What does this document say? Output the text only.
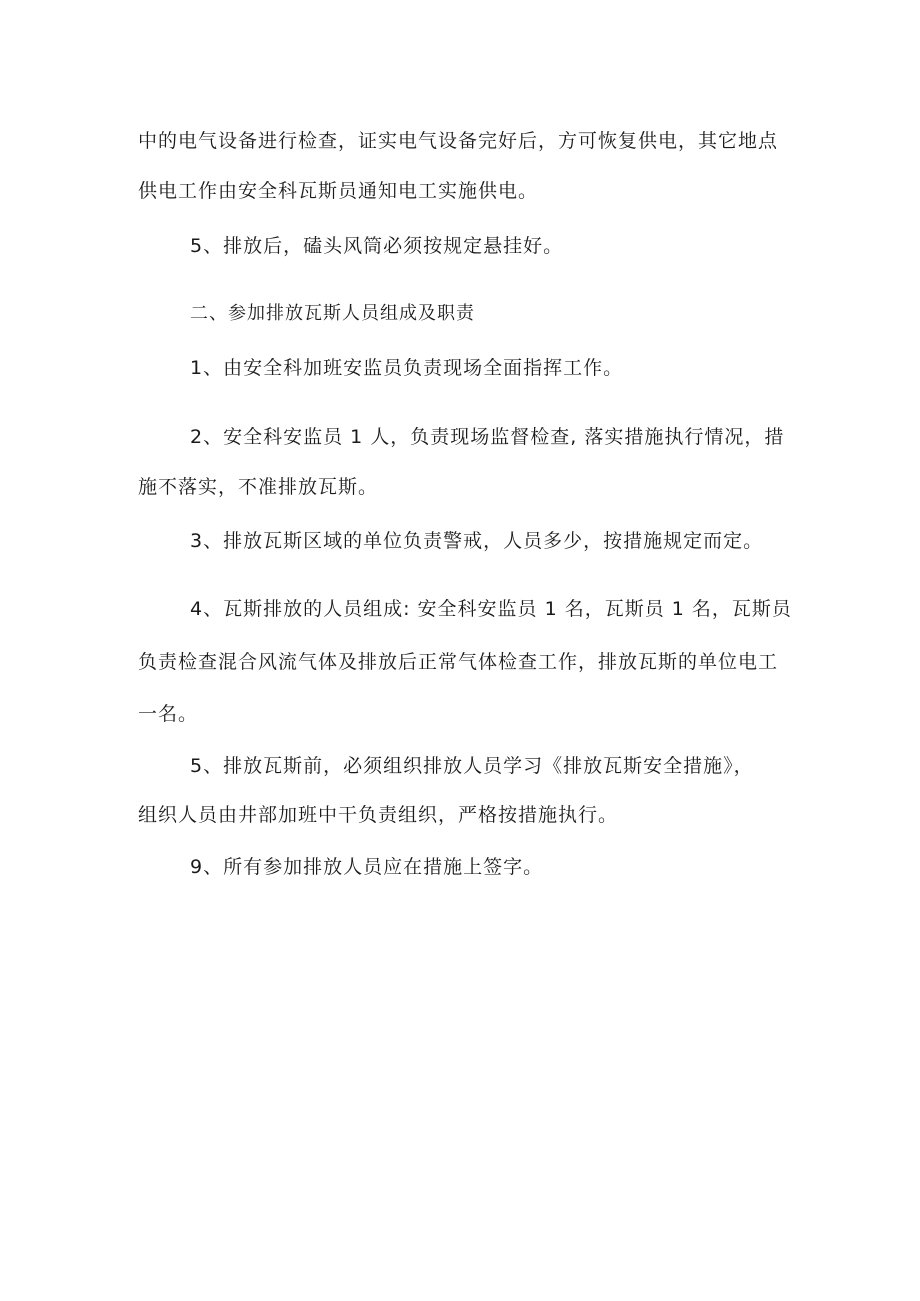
中的电气设备进行检查，证实电气设备完好后，方可恢复供电，其它地点

供电工作由安全科瓦斯员通知电工实施供电。

5、排放后，磕头风筒必须按规定悬挂好。

二、参加排放瓦斯人员组成及职责

1、由安全科加班安监员负责现场全面指挥工作。

2、安全科安监员 1 人，负责现场监督检查, 落实措施执行情况，措

施不落实，不准排放瓦斯。

3、排放瓦斯区域的单位负责警戒，人员多少，按措施规定而定。

4、瓦斯排放的人员组成: 安全科安监员 1 名，瓦斯员 1 名，瓦斯员

负责检查混合风流气体及排放后正常气体检查工作，排放瓦斯的单位电工

一名。

5、排放瓦斯前，必须组织排放人员学习《排放瓦斯安全措施》，

组织人员由井部加班中干负责组织，严格按措施执行。

9、所有参加排放人员应在措施上签字。
